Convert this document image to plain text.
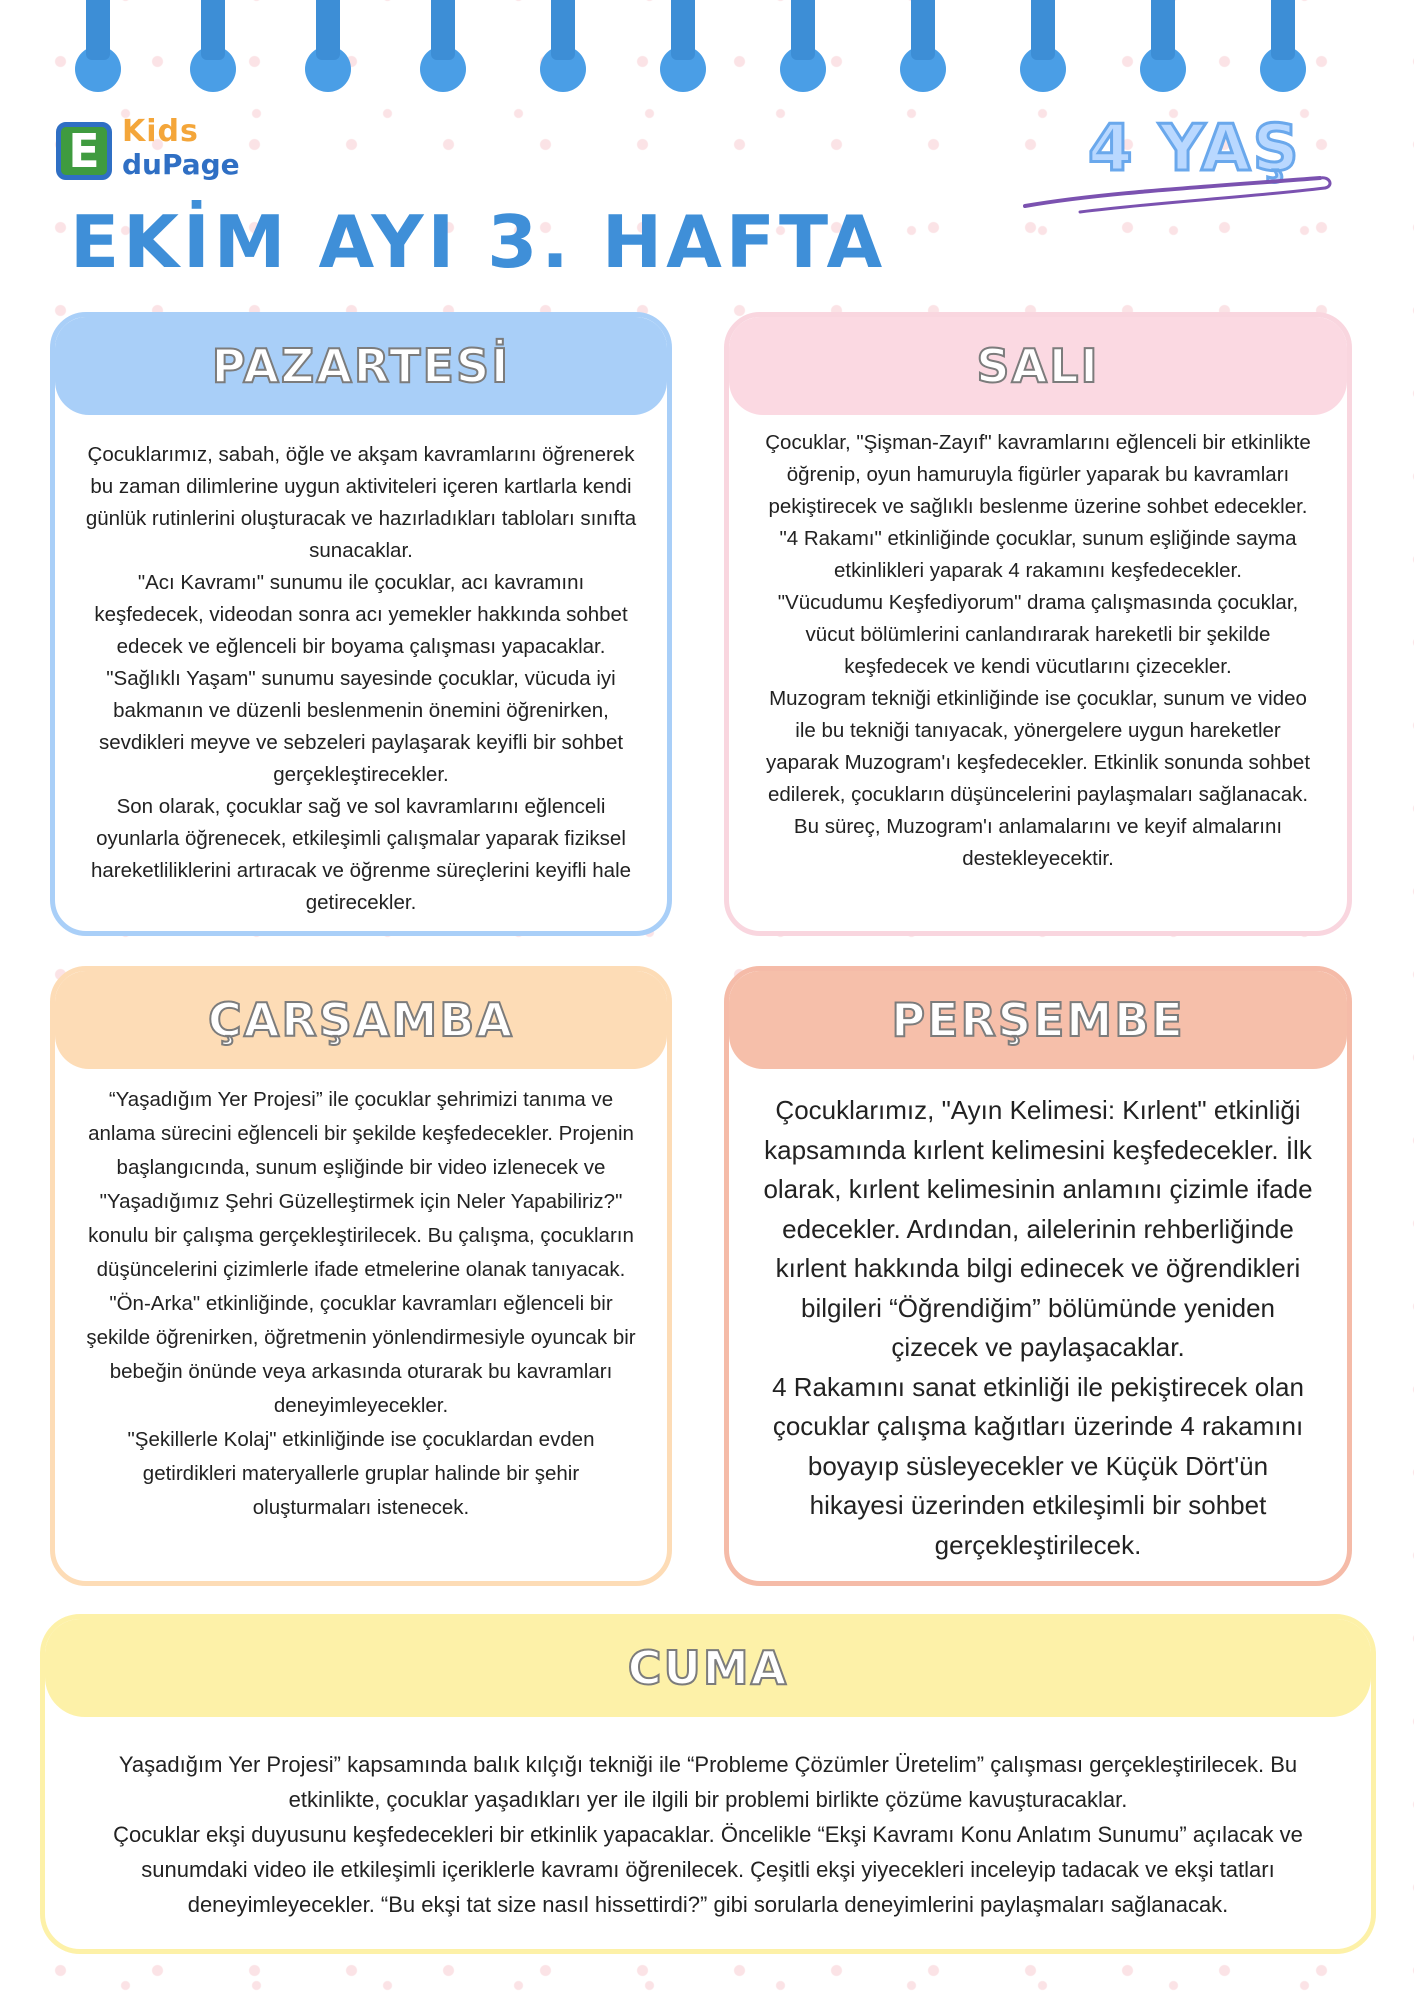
E Kids
duPage	4 YAŞ
EKİM AYI 3. HAFTA
PAZARTESİ

Çocuklarımız, sabah, öğle ve akşam kavramlarını öğrenerek bu zaman dilimlerine uygun aktiviteleri içeren kartlarla kendi günlük rutinlerini oluşturacak ve hazırladıkları tabloları sınıfta sunacaklar.

"Acı Kavramı" sunumu ile çocuklar, acı kavramını keşfedecek, videodan sonra acı yemekler hakkında sohbet edecek ve eğlenceli bir boyama çalışması yapacaklar.

"Sağlıklı Yaşam" sunumu sayesinde çocuklar, vücuda iyi bakmanın ve düzenli beslenmenin önemini öğrenirken, sevdikleri meyve ve sebzeleri paylaşarak keyifli bir sohbet gerçekleştirecekler.

Son olarak, çocuklar sağ ve sol kavramlarını eğlenceli oyunlarla öğrenecek, etkileşimli çalışmalar yaparak fiziksel hareketliliklerini artıracak ve öğrenme süreçlerini keyifli hale getirecekler.

SALI

Çocuklar, "Şişman-Zayıf" kavramlarını eğlenceli bir etkinlikte öğrenip, oyun hamuruyla figürler yaparak bu kavramları pekiştirecek ve sağlıklı beslenme üzerine sohbet edecekler.

"4 Rakamı" etkinliğinde çocuklar, sunum eşliğinde sayma etkinlikleri yaparak 4 rakamını keşfedecekler.

"Vücudumu Keşfediyorum" drama çalışmasında çocuklar, vücut bölümlerini canlandırarak hareketli bir şekilde keşfedecek ve kendi vücutlarını çizecekler.

Muzogram tekniği etkinliğinde ise çocuklar, sunum ve video ile bu tekniği tanıyacak, yönergelere uygun hareketler yaparak Muzogram'ı keşfedecekler. Etkinlik sonunda sohbet edilerek, çocukların düşüncelerini paylaşmaları sağlanacak. Bu süreç, Muzogram'ı anlamalarını ve keyif almalarını destekleyecektir.

ÇARŞAMBA

“Yaşadığım Yer Projesi” ile çocuklar şehrimizi tanıma ve anlama sürecini eğlenceli bir şekilde keşfedecekler. Projenin başlangıcında, sunum eşliğinde bir video izlenecek ve "Yaşadığımız Şehri Güzelleştirmek için Neler Yapabiliriz?" konulu bir çalışma gerçekleştirilecek. Bu çalışma, çocukların düşüncelerini çizimlerle ifade etmelerine olanak tanıyacak.

"Ön-Arka" etkinliğinde, çocuklar kavramları eğlenceli bir şekilde öğrenirken, öğretmenin yönlendirmesiyle oyuncak bir bebeğin önünde veya arkasında oturarak bu kavramları deneyimleyecekler.

"Şekillerle Kolaj" etkinliğinde ise çocuklardan evden getirdikleri materyallerle gruplar halinde bir şehir oluşturmaları istenecek.

PERŞEMBE

Çocuklarımız, "Ayın Kelimesi: Kırlent" etkinliği kapsamında kırlent kelimesini keşfedecekler. İlk olarak, kırlent kelimesinin anlamını çizimle ifade edecekler. Ardından, ailelerinin rehberliğinde kırlent hakkında bilgi edinecek ve öğrendikleri bilgileri “Öğrendiğim” bölümünde yeniden çizecek ve paylaşacaklar.

4 Rakamını sanat etkinliği ile pekiştirecek olan çocuklar çalışma kağıtları üzerinde 4 rakamını boyayıp süsleyecekler ve Küçük Dört'ün hikayesi üzerinden etkileşimli bir sohbet gerçekleştirilecek.

CUMA

Yaşadığım Yer Projesi” kapsamında balık kılçığı tekniği ile “Probleme Çözümler Üretelim” çalışması gerçekleştirilecek. Bu etkinlikte, çocuklar yaşadıkları yer ile ilgili bir problemi birlikte çözüme kavuşturacaklar.

Çocuklar ekşi duyusunu keşfedecekleri bir etkinlik yapacaklar. Öncelikle “Ekşi Kavramı Konu Anlatım Sunumu” açılacak ve sunumdaki video ile etkileşimli içeriklerle kavramı öğrenilecek. Çeşitli ekşi yiyecekleri inceleyip tadacak ve ekşi tatları deneyimleyecekler. “Bu ekşi tat size nasıl hissettirdi?” gibi sorularla deneyimlerini paylaşmaları sağlanacak.
